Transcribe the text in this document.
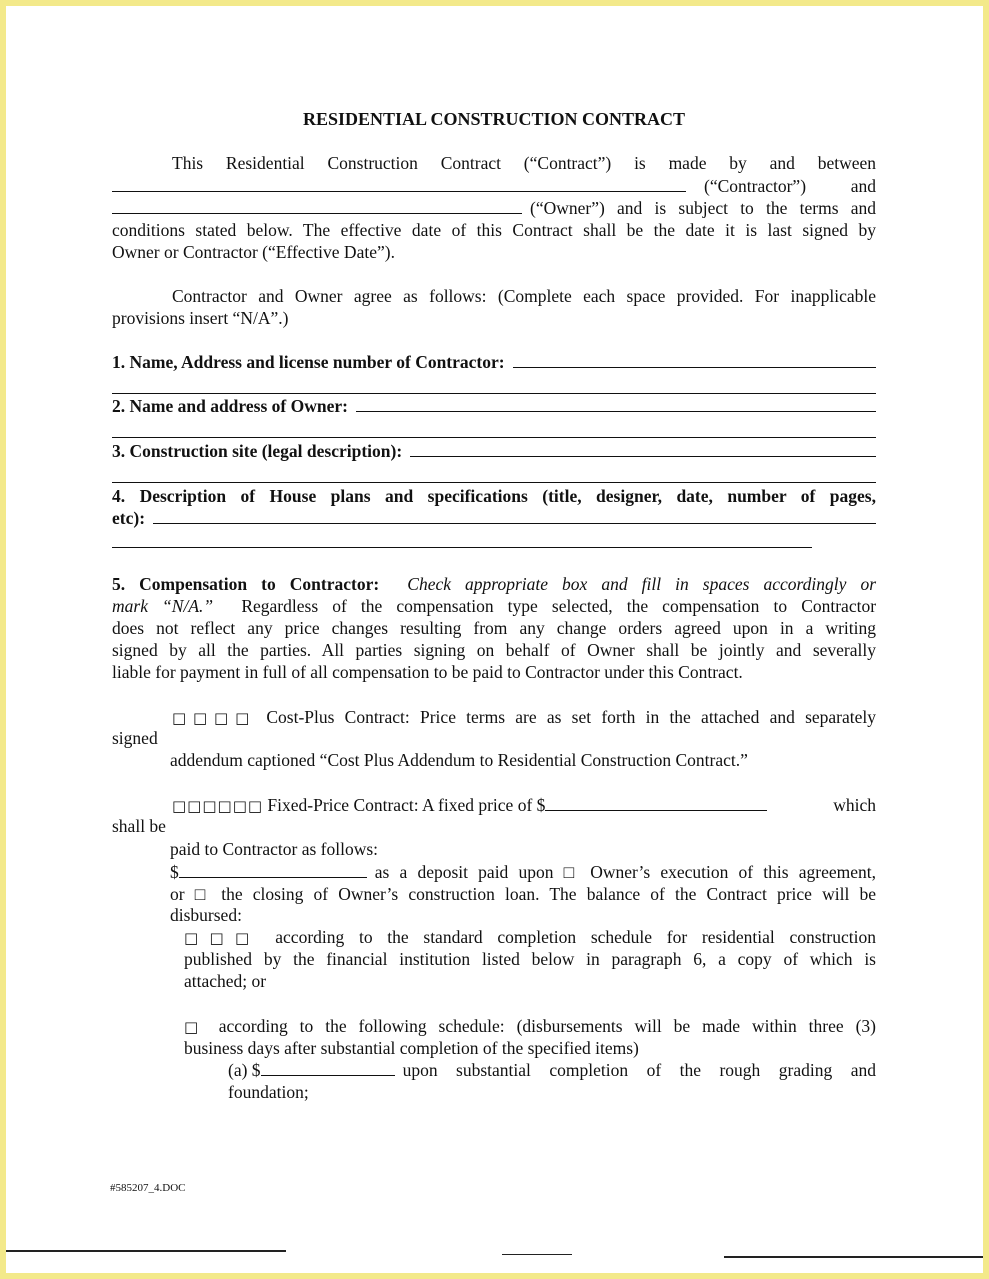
RESIDENTIAL CONSTRUCTION CONTRACT
This Residential Construction Contract (“Contract”) is made by and between
(“Contractor”) and
(“Owner”) and is subject to the terms and
conditions stated below. The effective date of this Contract shall be the date it is last signed by
Owner or Contractor (“Effective Date”).
Contractor and Owner agree as follows: (Complete each space provided. For inapplicable
provisions insert “N/A”.)
1. Name, Address and license number of Contractor:
2. Name and address of Owner:
3. Construction site (legal description):
4. Description of House plans and specifications (title, designer, date, number of pages,
etc):
5. Compensation to Contractor: Check appropriate box and fill in spaces accordingly or
mark “N/A.” Regardless of the compensation type selected, the compensation to Contractor
does not reflect any price changes resulting from any change orders agreed upon in a writing
signed by all the parties. All parties signing on behalf of Owner shall be jointly and severally
liable for payment in full of all compensation to be paid to Contractor under this Contract.
□□□□ Cost-Plus Contract: Price terms are as set forth in the attached and separately
signed
addendum captioned “Cost Plus Addendum to Residential Construction Contract.”
□□□□□□
Fixed-Price Contract: A fixed price of $	which
shall be
paid to Contractor as follows:
$	as a deposit paid upon □ Owner’s execution of this agreement,
or □ the closing of Owner’s construction loan. The balance of the Contract price will be
disbursed:
□□□ according to the standard completion schedule for residential construction
published by the financial institution listed below in paragraph 6, a copy of which is
attached; or
□ according to the following schedule: (disbursements will be made within three (3)
business days after substantial completion of the specified items)
(a) $	upon substantial completion of the rough grading and
foundation;
#585207_4.DOC
